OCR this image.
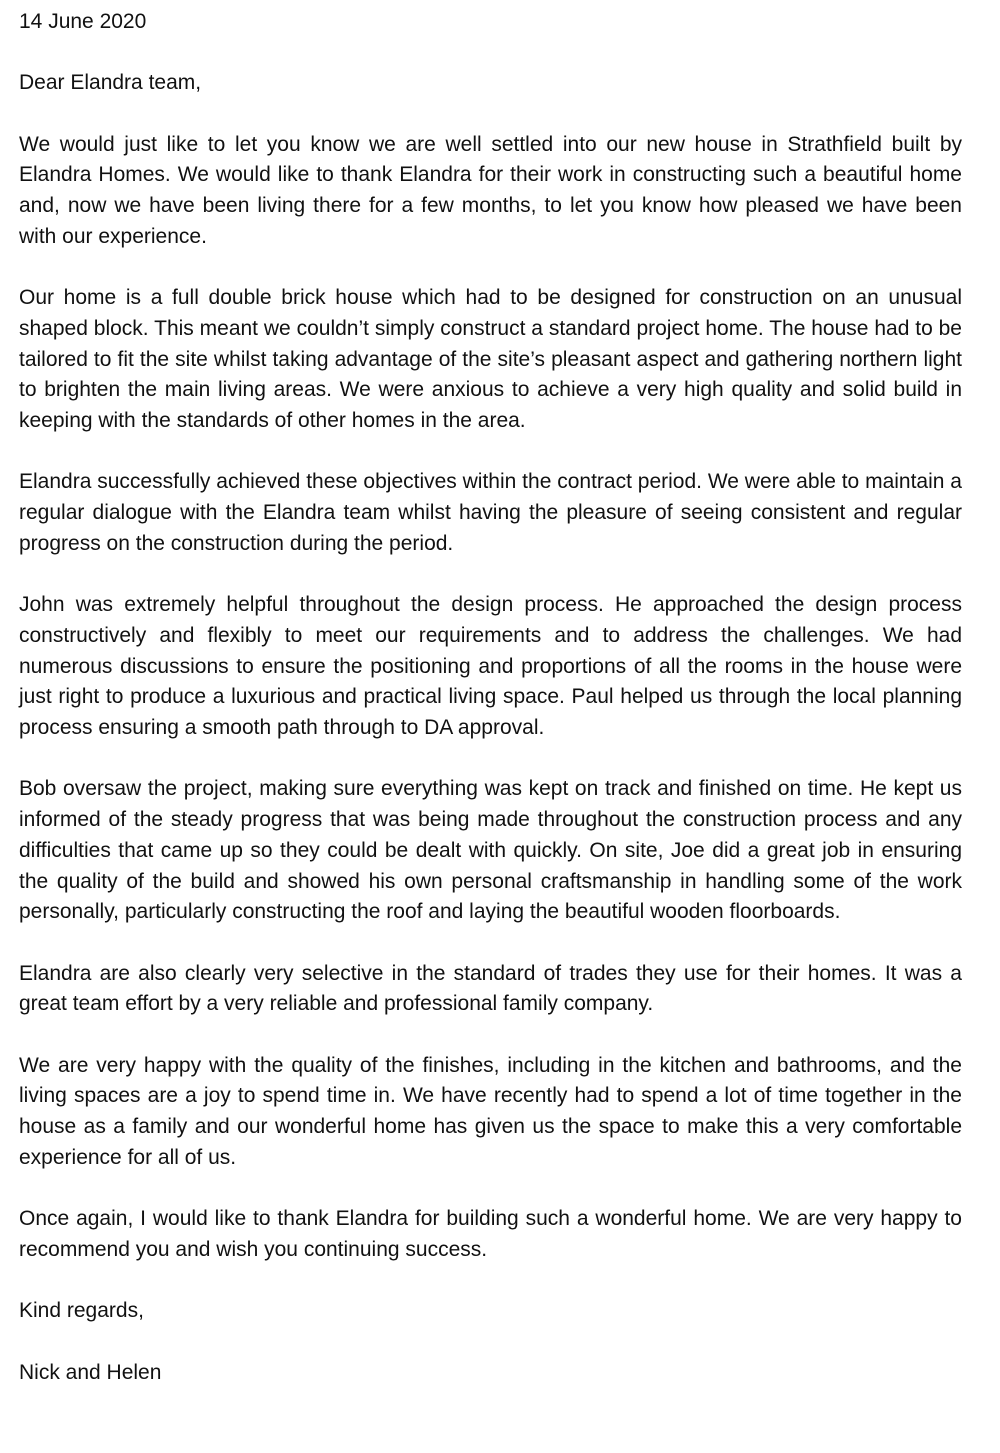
14 June 2020

Dear Elandra team,

We would just like to let you know we are well settled into our new house in Strathfield built by Elandra Homes. We would like to thank Elandra for their work in constructing such a beautiful home and, now we have been living there for a few months, to let you know how pleased we have been with our experience.

Our home is a full double brick house which had to be designed for construction on an unusual shaped block. This meant we couldn’t simply construct a standard project home. The house had to be tailored to fit the site whilst taking advantage of the site’s pleasant aspect and gathering northern light to brighten the main living areas. We were anxious to achieve a very high quality and solid build in keeping with the standards of other homes in the area.

Elandra successfully achieved these objectives within the contract period. We were able to maintain a regular dialogue with the Elandra team whilst having the pleasure of seeing consistent and regular progress on the construction during the period.

John was extremely helpful throughout the design process. He approached the design process constructively and flexibly to meet our requirements and to address the challenges. We had numerous discussions to ensure the positioning and proportions of all the rooms in the house were just right to produce a luxurious and practical living space. Paul helped us through the local planning process ensuring a smooth path through to DA approval.

Bob oversaw the project, making sure everything was kept on track and finished on time. He kept us informed of the steady progress that was being made throughout the construction process and any difficulties that came up so they could be dealt with quickly. On site, Joe did a great job in ensuring the quality of the build and showed his own personal craftsmanship in handling some of the work personally, particularly constructing the roof and laying the beautiful wooden floorboards.

Elandra are also clearly very selective in the standard of trades they use for their homes. It was a great team effort by a very reliable and professional family company.

We are very happy with the quality of the finishes, including in the kitchen and bathrooms, and the living spaces are a joy to spend time in. We have recently had to spend a lot of time together in the house as a family and our wonderful home has given us the space to make this a very comfortable experience for all of us.

Once again, I would like to thank Elandra for building such a wonderful home. We are very happy to recommend you and wish you continuing success.

Kind regards,

Nick and Helen
